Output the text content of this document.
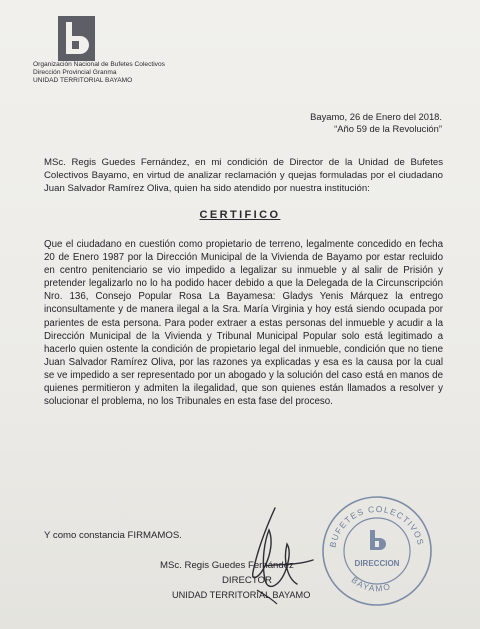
Organización Nacional de Bufetes Colectivos
Dirección Provincial Granma
UNIDAD TERRITORIAL BAYAMO
Bayamo, 26 de Enero del 2018.
“Año 59 de la Revolución”
MSc. Regis Guedes Fernández, en mi condición de Director de la Unidad de Bufetes Colectivos Bayamo, en virtud de analizar reclamación y quejas formuladas por el ciudadano Juan Salvador Ramírez Oliva, quien ha sido atendido por nuestra institución:
CERTIFICO
Que el ciudadano en cuestión como propietario de terreno, legalmente concedido en fecha 20 de Enero 1987 por la Dirección Municipal de la Vivienda de Bayamo por estar recluido en centro penitenciario se vio impedido a legalizar su inmueble y al salir de Prisión y pretender legalizarlo no lo ha podido hacer debido a que la Delegada de la Circunscripción Nro. 136, Consejo Popular Rosa La Bayamesa: Gladys Yenis Márquez la entrego inconsultamente y de manera ilegal a la Sra. María Virginia y hoy está siendo ocupada por parientes de esta persona. Para poder extraer a estas personas del inmueble y acudir a la Dirección Municipal de la Vivienda y Tribunal Municipal Popular solo está legitimado a hacerlo quien ostente la condición de propietario legal del inmueble, condición que no tiene Juan Salvador Ramírez Oliva, por las razones ya explicadas y esa es la causa por la cual se ve impedido a ser representado por un abogado y la solución del caso está en manos de quienes permitieron y admiten la ilegalidad, que son quienes están llamados a resolver y solucionar el problema, no los Tribunales en esta fase del proceso.
Y como constancia FIRMAMOS.
MSc. Regis Guedes Fernández
DIRECTOR
UNIDAD TERRITORIAL BAYAMO
BUFETES COLECTIVOS
BAYAMO
DIRECCION
